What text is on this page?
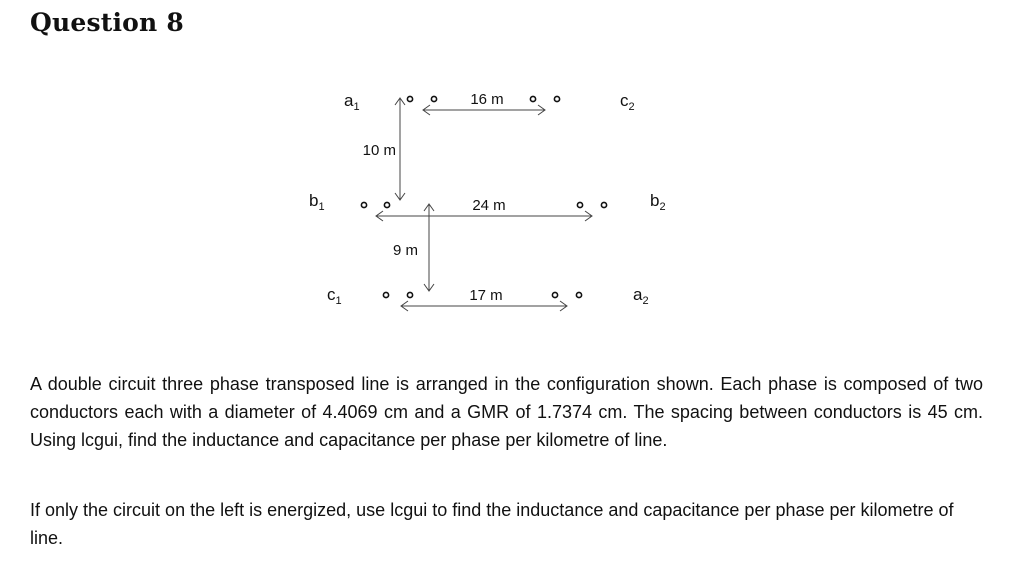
Question 8
$a_1$	$c_2$
$b_1$	$b_2$
$c_1$	$a_2$
16 m
10 m
24 m
9 m
17 m

A double circuit three phase transposed line is arranged in the configuration shown. Each phase is composed of two conductors each with a diameter of 4.4069 cm and a GMR of 1.7374 cm. The spacing between conductors is 45 cm. Using lcgui, find the inductance and capacitance per phase per kilometre of line.

If only the circuit on the left is energized, use lcgui to find the inductance and capacitance per phase per kilometre of line.
